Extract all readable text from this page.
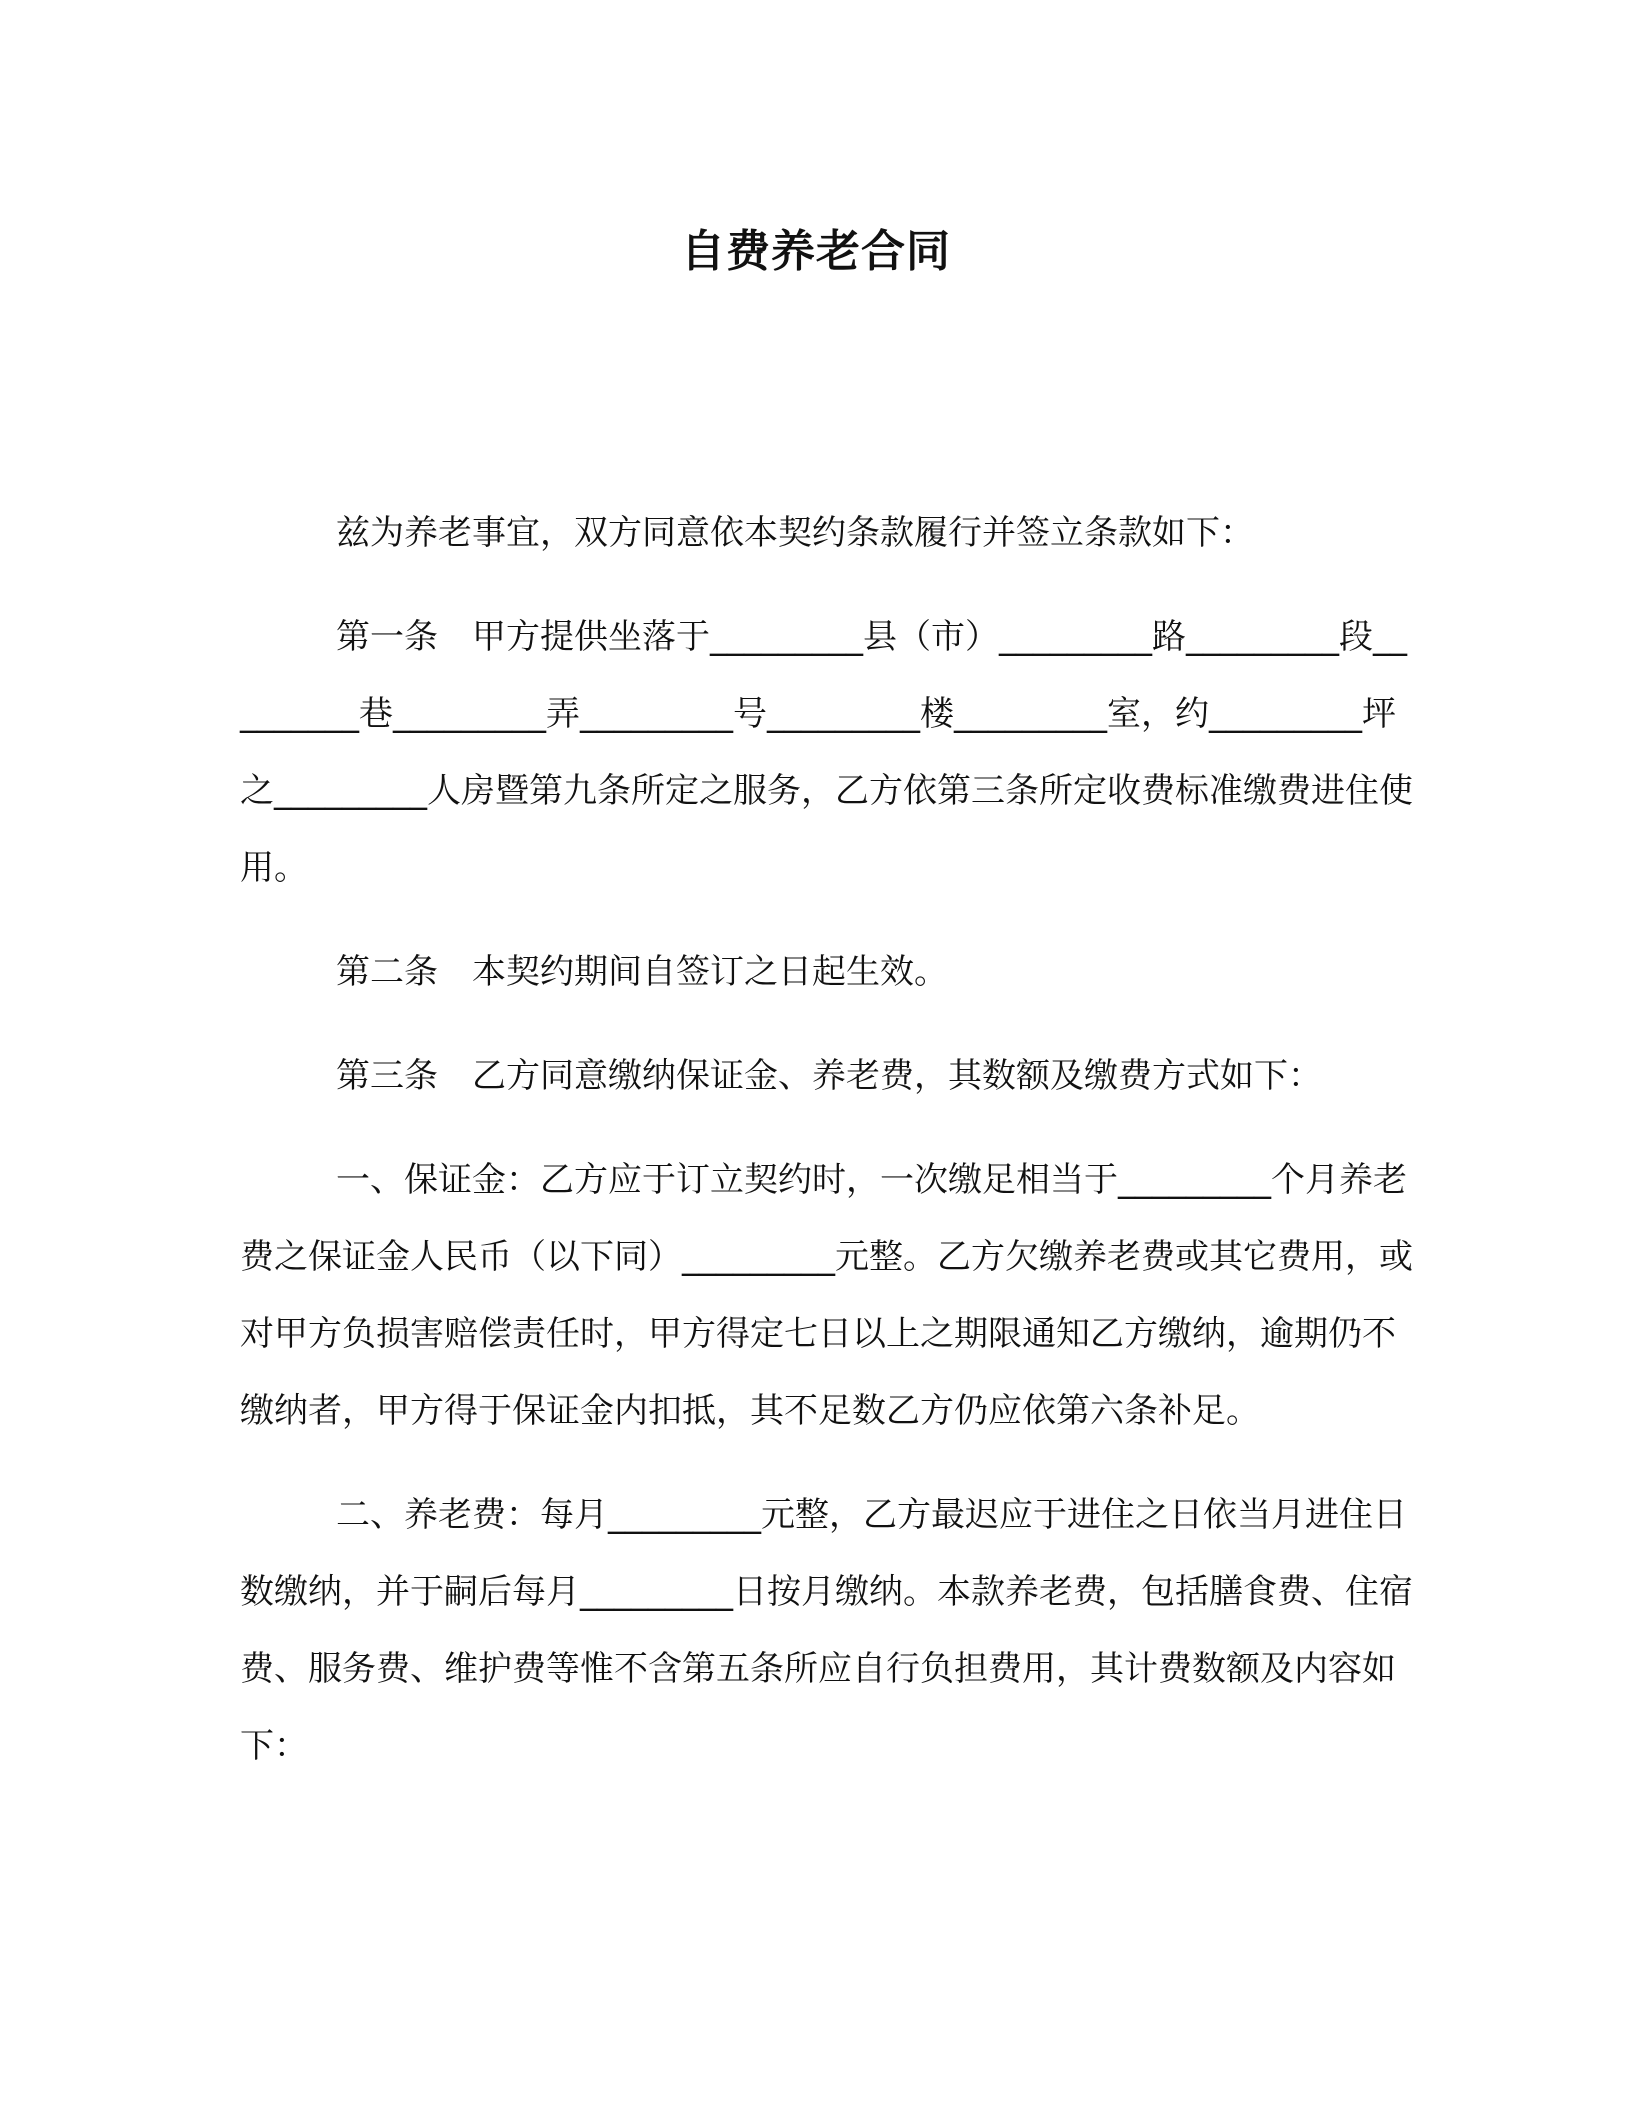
自费养老合同

兹为养老事宜，双方同意依本契约条款履行并签立条款如下：

第一条　甲方提供坐落于_________县（市）_________路_________段_________巷_________弄_________号_________楼_________室，约_________坪之_________人房暨第九条所定之服务，乙方依第三条所定收费标准缴费进住使用。

第二条　本契约期间自签订之日起生效。

第三条　乙方同意缴纳保证金、养老费，其数额及缴费方式如下：

一、保证金：乙方应于订立契约时，一次缴足相当于_________个月养老费之保证金人民币（以下同）_________元整。乙方欠缴养老费或其它费用，或对甲方负损害赔偿责任时，甲方得定七日以上之期限通知乙方缴纳，逾期仍不缴纳者，甲方得于保证金内扣抵，其不足数乙方仍应依第六条补足。

二、养老费：每月_________元整，乙方最迟应于进住之日依当月进住日数缴纳，并于嗣后每月_________日按月缴纳。本款养老费，包括膳食费、住宿费、服务费、维护费等惟不含第五条所应自行负担费用，其计费数额及内容如下：
